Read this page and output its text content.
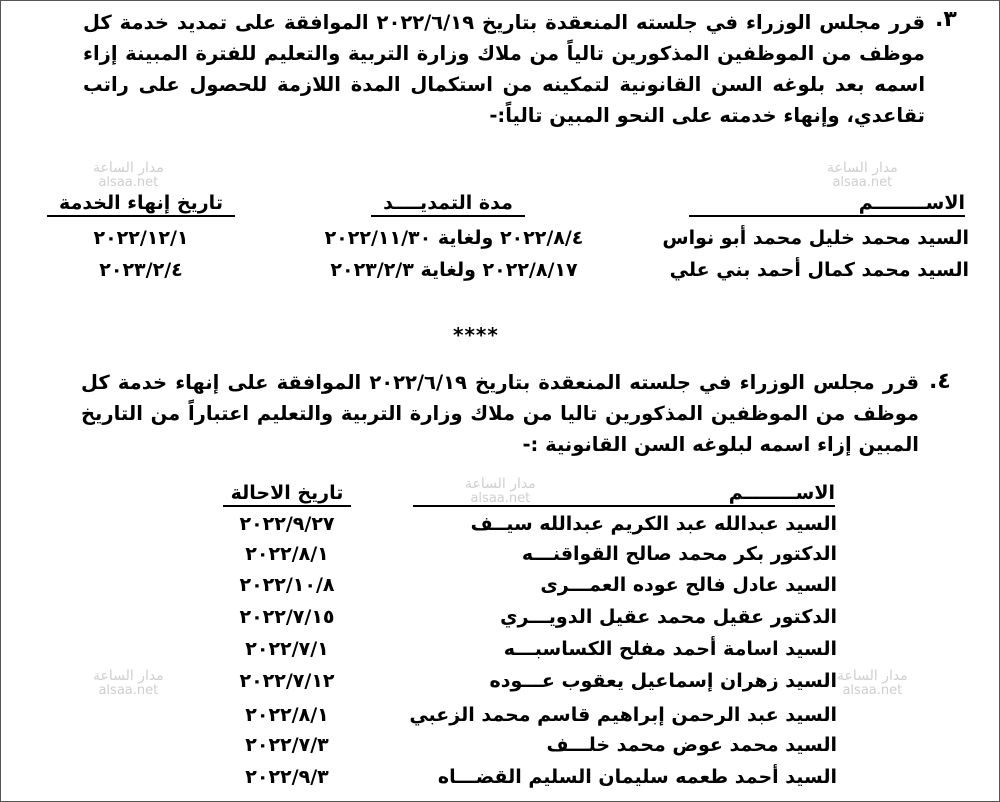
مدار الساعة
alsaa.net
مدار الساعة
alsaa.net
مدار الساعة
alsaa.net
مدار الساعة
alsaa.net
مدار الساعة
alsaa.net
.٣
قرر مجلس الوزراء في جلسته المنعقدة بتاريخ ٢٠٢٢/٦/١٩ الموافقة على تمديد خدمة كل موظف من الموظفين المذكورين تالياً من ملاك وزارة التربية والتعليم للفترة المبينة إزاء اسمه بعد بلوغه السن القانونية لتمكينه من استكمال المدة اللازمة للحصول على راتب تقاعدي، وإنهاء خدمته على النحو المبين تالياً:-
الاســــــــم
مدة التمديــــد
تاريخ إنهاء الخدمة
السيد محمد خليل محمد أبو نواس
٢٠٢٢/٨/٤ ولغاية ٢٠٢٢/١١/٣٠
٢٠٢٢/١٢/١
السيد محمد كمال أحمد بني علي
٢٠٢٢/٨/١٧ ولغاية ٢٠٢٣/٢/٣
٢٠٢٣/٢/٤
****
.٤
قرر مجلس الوزراء في جلسته المنعقدة بتاريخ ٢٠٢٢/٦/١٩ الموافقة على إنهاء خدمة كل موظف من الموظفين المذكورين تاليا من ملاك وزارة التربية والتعليم اعتباراً من التاريخ المبين إزاء اسمه لبلوغه السن القانونية :-
الاســــــــم
تاريخ الاحالة
السيد عبدالله عبد الكريم عبدالله سيــف
٢٠٢٢/٩/٢٧
الدكتور بكر محمد صالح القواقنـــه
٢٠٢٢/٨/١
السيد عادل فالح عوده العمـــرى
٢٠٢٢/١٠/٨
الدكتور عقيل محمد عقيل الدويـــري
٢٠٢٢/٧/١٥
السيد اسامة أحمد مفلح الكساسبـــه
٢٠٢٢/٧/١
السيد زهران إسماعيل يعقوب عـــوده
٢٠٢٢/٧/١٢
السيد عبد الرحمن إبراهيم قاسم محمد الزعبي
٢٠٢٢/٨/١
السيد محمد عوض محمد خلـــف
٢٠٢٢/٧/٣
السيد أحمد طعمه سليمان السليم القضـــاه
٢٠٢٢/٩/٣
